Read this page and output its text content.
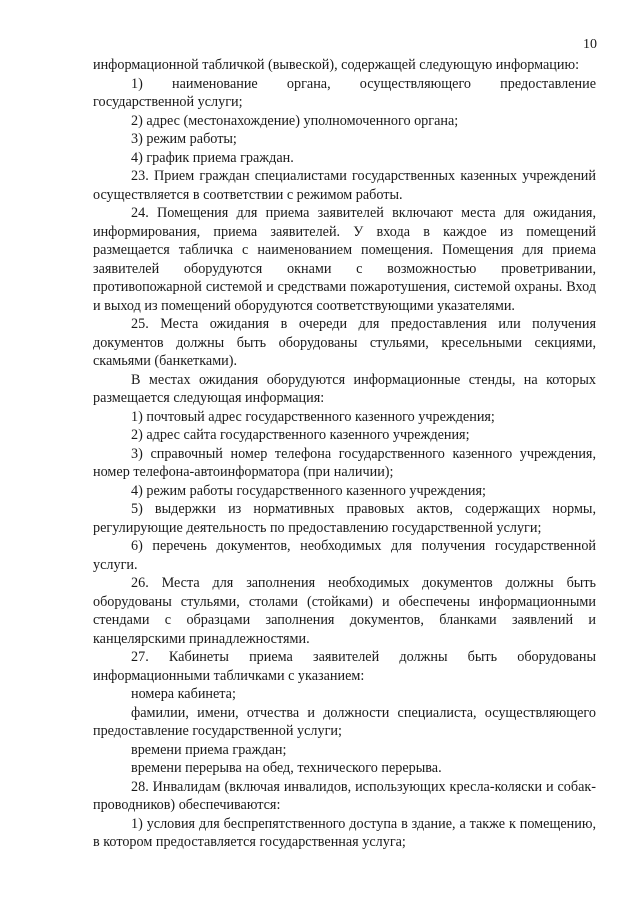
10

информационной табличкой (вывеской), содержащей следующую информацию:

1) наименование органа, осуществляющего предоставление государственной услуги;

2) адрес (местонахождение) уполномоченного органа;

3) режим работы;

4) график приема граждан.

23. Прием граждан специалистами государственных казенных учреждений осуществляется в соответствии с режимом работы.

24. Помещения для приема заявителей включают места для ожидания, информирования, приема заявителей. У входа в каждое из помещений размещается табличка с наименованием помещения. Помещения для приема заявителей оборудуются окнами с возможностью проветривании, противопожарной системой и средствами пожаротушения, системой охраны. Вход и выход из помещений оборудуются соответствующими указателями.

25. Места ожидания в очереди для предоставления или получения документов должны быть оборудованы стульями, кресельными секциями, скамьями (банкетками).

В местах ожидания оборудуются информационные стенды, на которых размещается следующая информация:

1) почтовый адрес государственного казенного учреждения;

2) адрес сайта государственного казенного учреждения;

3) справочный номер телефона государственного казенного учреждения, номер телефона-автоинформатора (при наличии);

4) режим работы государственного казенного учреждения;

5) выдержки из нормативных правовых актов, содержащих нормы, регулирующие деятельность по предоставлению государственной услуги;

6) перечень документов, необходимых для получения государственной услуги.

26. Места для заполнения необходимых документов должны быть оборудованы стульями, столами (стойками) и обеспечены информационными стендами с образцами заполнения документов, бланками заявлений и канцелярскими принадлежностями.

27. Кабинеты приема заявителей должны быть оборудованы информационными табличками с указанием:

номера кабинета;

фамилии, имени, отчества и должности специалиста, осуществляющего предоставление государственной услуги;

времени приема граждан;

времени перерыва на обед, технического перерыва.

28. Инвалидам (включая инвалидов, использующих кресла-коляски и собак-проводников) обеспечиваются:

1) условия для беспрепятственного доступа в здание, а также к помещению, в котором предоставляется государственная услуга;
